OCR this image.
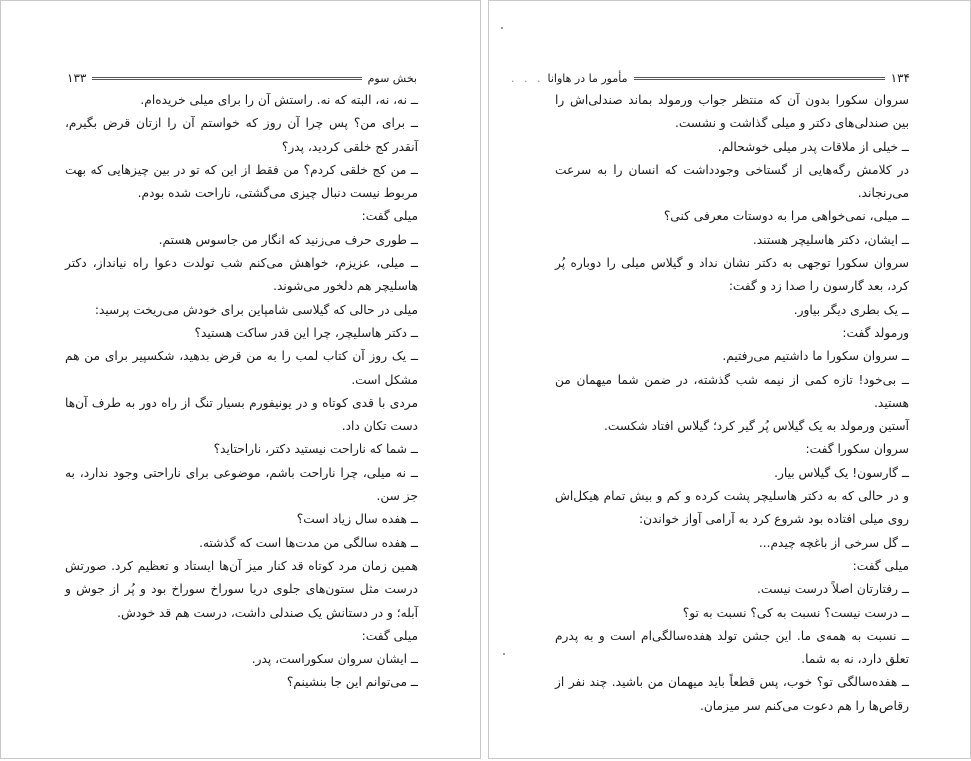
بخش سوم
۱۳۳

ــ نه، نه، البته که نه. راستش آن را برای میلی خریده‌ام.

ــ برای من؟ پس چرا آن روز که خواستم آن را ازتان قرض بگیرم، آنقدر کج خلقی کردید، پدر؟

ــ من کج خلقی کردم؟ من فقط از این که تو در بین چیزهایی که بهت مربوط نیست دنبال چیزی می‌گشتی، ناراحت شده بودم.

میلی گفت:

ــ طوری حرف می‌زنید که انگار من جاسوس هستم.

ــ میلی، عزیزم، خواهش می‌کنم شب تولدت دعوا راه نیانداز، دکتر هاسلیچر هم دلخور می‌شوند.

میلی در حالی که گیلاسی شامپاین برای خودش می‌ریخت پرسید:

ــ دکتر هاسلیچر، چرا این قدر ساکت هستید؟

ــ یک روز آن کتاب لمب را به من قرض بدهید، شکسپیر برای من هم مشکل است.

مردی با قدی کوتاه و در یونیفورم بسیار تنگ از راه دور به طرف آن‌ها دست تکان داد.

ــ شما که ناراحت نیستید دکتر، ناراحتاید؟

ــ نه میلی، چرا ناراحت باشم، موضوعی برای ناراحتی وجود ندارد، به جز سن.

ــ هفده سال زیاد است؟

ــ هفده سالگی من مدت‌ها است که گذشته.

همین زمان مرد کوتاه قد کنار میز آن‌ها ایستاد و تعظیم کرد. صورتش درست مثل ستون‌های جلوی دریا سوراخ سوراخ بود و پُر از جوش و آبله؛ و در دستانش یک صندلی داشت، درست هم قد خودش.

میلی گفت:

ــ ایشان سروان سکوراست، پدر.

ــ می‌توانم این جا بنشینم؟

۱۳۴
مأمور ما در هاوانا
. . .

سروان سکورا بدون آن که منتظر جواب ورمولد بماند صندلی‌اش را بین صندلی‌های دکتر و میلی گذاشت و نشست.

ــ خیلی از ملاقات پدر میلی خوشحالم.

در کلامش رگه‌هایی از گستاخی وجودداشت که انسان را به سرعت می‌رنجاند.

ــ میلی، نمی‌خواهی مرا به دوستات معرفی کنی؟

ــ ایشان، دکتر هاسلیچر هستند.

سروان سکورا توجهی به دکتر نشان نداد و گیلاس میلی را دوباره پُر کرد، بعد گارسون را صدا زد و گفت:

ــ یک بطری دیگر بیاور.

ورمولد گفت:

ــ سروان سکورا ما داشتیم می‌رفتیم.

ــ بی‌خود! تازه کمی از نیمه شب گذشته، در ضمن شما میهمان من هستید.

آستین ورمولد به یک گیلاس پُر گیر کرد؛ گیلاس افتاد شکست.

سروان سکورا گفت:

ــ گارسون! یک گیلاس بیار.

و در حالی که به دکتر هاسلیچر پشت کرده و کم و بیش تمام هیکل‌اش روی میلی افتاده بود شروع کرد به آرامی آواز خواندن:

ــ گل سرخی از باغچه چیدم...

میلی گفت:

ــ رفتارتان اصلاً درست نیست.

ــ درست نیست؟ نسبت به کی؟ نسبت به تو؟

ــ نسبت به همه‌ی ما. این جشن تولد هفده‌سالگی‌ام است و به پدرم تعلق دارد، نه به شما.

ــ هفده‌سالگی تو؟ خوب، پس قطعاً باید میهمان من باشید. چند نفر از رقاص‌ها را هم دعوت می‌کنم سر میزمان.
